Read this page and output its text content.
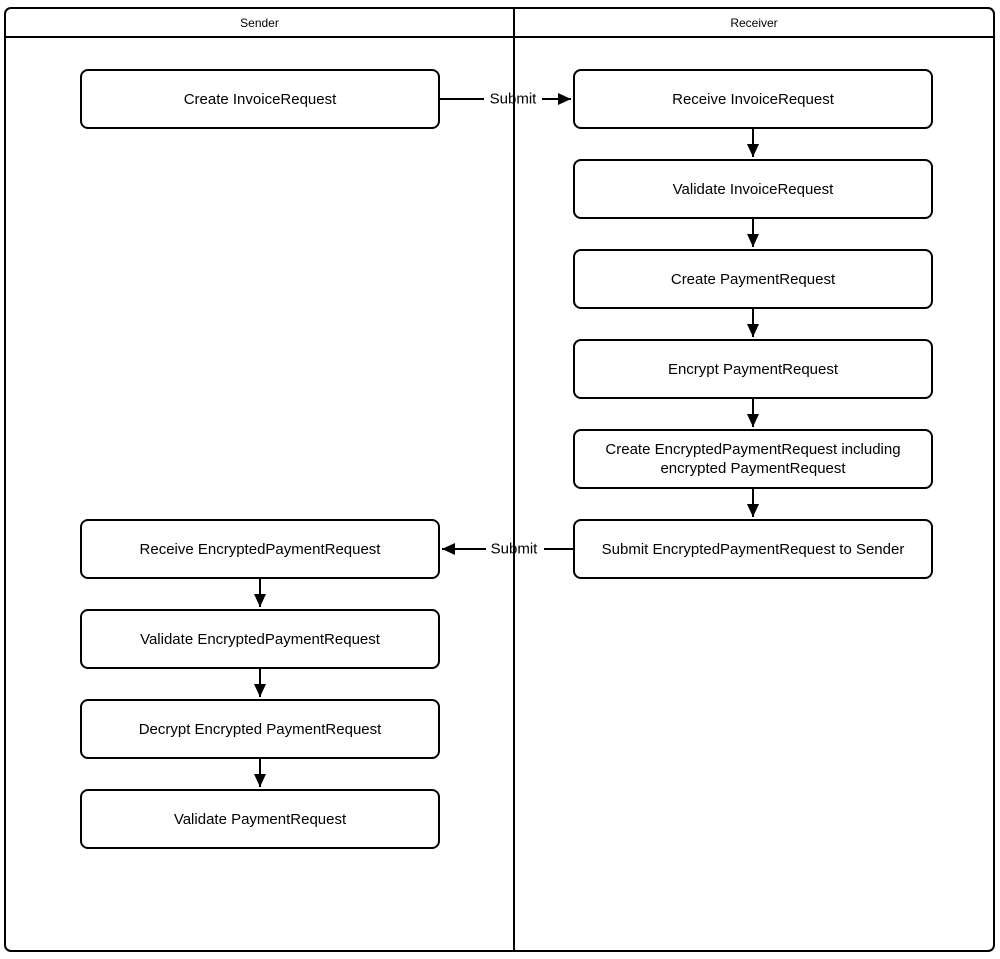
Sender	Receiver
Create InvoiceRequest
Receive EncryptedPaymentRequest
Validate EncryptedPaymentRequest
Decrypt Encrypted PaymentRequest
Validate PaymentRequest
Receive InvoiceRequest
Validate InvoiceRequest
Create PaymentRequest
Encrypt PaymentRequest
Create EncryptedPaymentRequest including encrypted PaymentRequest
Submit EncryptedPaymentRequest to Sender
Submit
Submit
